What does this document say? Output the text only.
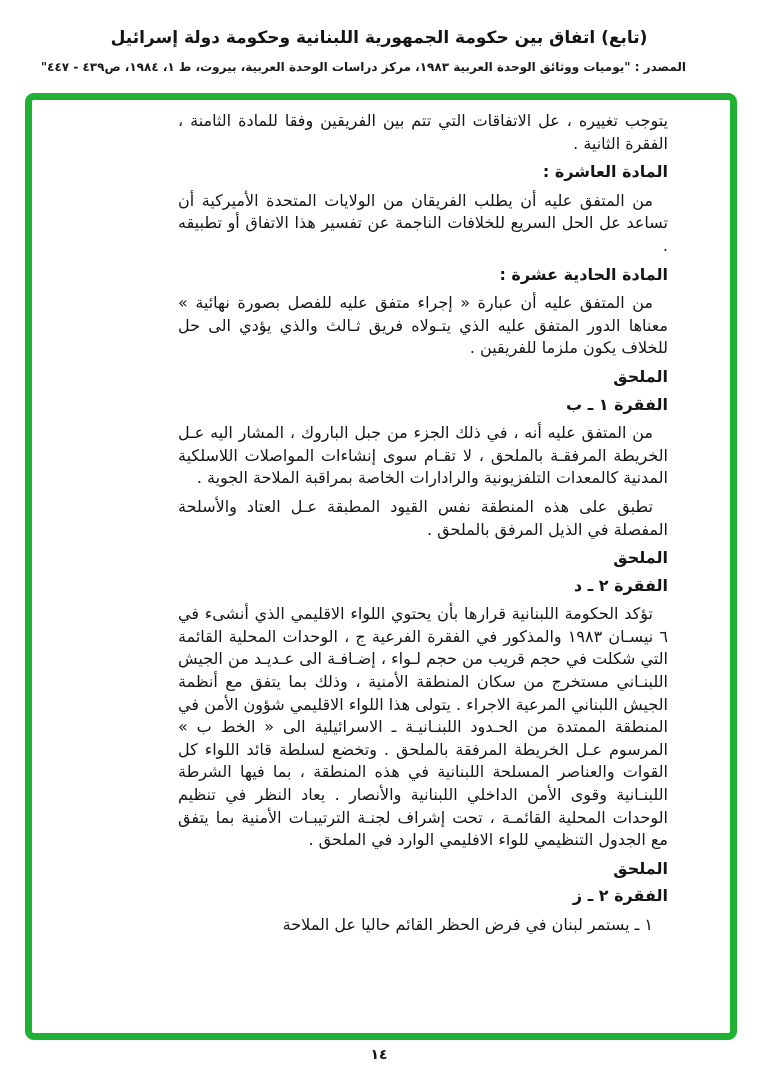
(تابع) اتفاق بين حكومة الجمهورية اللبنانية وحكومة دولة إسرائيل
المصدر : "يوميات ووثائق الوحدة العربية ١٩٨٣، مركز دراسات الوحدة العربية، بيروت، ط ١، ١٩٨٤، ص٤٣٩ - ٤٤٧"

يتوجب تغييره ، عل الاتفاقات التي تتم بين الفريقين وفقا للمادة الثامنة ، الفقرة الثانية .

المادة العاشرة :

من المتفق عليه أن يطلب الفريقان من الولايات المتحدة الأميركية أن تساعد عل الحل السريع للخلافات الناجمة عن تفسير هذا الاتفاق أو تطبيقه .

المادة الحادية عشرة :

من المتفق عليه أن عبارة « إجراء متفق عليه للفصل بصورة نهائية » معناها الدور المتفق عليه الذي يتـولاه فريق ثـالث والذي يؤدي الى حل للخلاف يكون ملزما للفريقين .

الملحق

الفقرة ١ ـ ب

من المتفق عليه أنه ، في ذلك الجزء من جبل الباروك ، المشار اليه عـل الخريطة المرفقـة بالملحق ، لا تقـام سوى إنشاءات المواصلات اللاسلكية المدنية كالمعدات التلفزيونية والرادارات الخاصة بمراقبة الملاحة الجوية .

تطبق على هذه المنطقة نفس القيود المطبقة عـل العتاد والأسلحة المفصلة في الذيل المرفق بالملحق .

الملحق

الفقرة ٢ ـ د

تؤكد الحكومة اللبنانية قرارها بأن يحتوي اللواء الاقليمي الذي أنشىء في ٦ نيسـان ١٩٨٣ والمذكور في الفقرة الفرعية ج ، الوحدات المحلية القائمة التي شكلت في حجم قريب من حجم لـواء ، إضـافـة الى عـديـد من الجيش اللبنـاني مستخرج من سكان المنطقة الأمنية ، وذلك بما يتفق مع أنظمة الجيش اللبناني المرعية الاجراء . يتولى هذا اللواء الاقليمي شؤون الأمن في المنطقة الممتدة من الحـدود اللبنـانيـة ـ الاسرائيلية الى « الخط ب » المرسوم عـل الخريطة المرفقة بالملحق . وتخضع لسلطة قائد اللواء كل القوات والعناصر المسلحة اللبنانية في هذه المنطقة ، بما فيها الشرطة اللبنـانية وقوى الأمن الداخلي اللبنانية والأنصار . يعاد النظر في تنظيم الوحدات المحلية القائمـة ، تحت إشراف لجنـة الترتيبـات الأمنية بما يتفق مع الجدول التنظيمي للواء الافليمي الوارد في الملحق .

الملحق

الفقرة ٢ ـ ز

١ ـ يستمر لبنان في فرض الحظر القائم حاليا عل الملاحة

١٤
